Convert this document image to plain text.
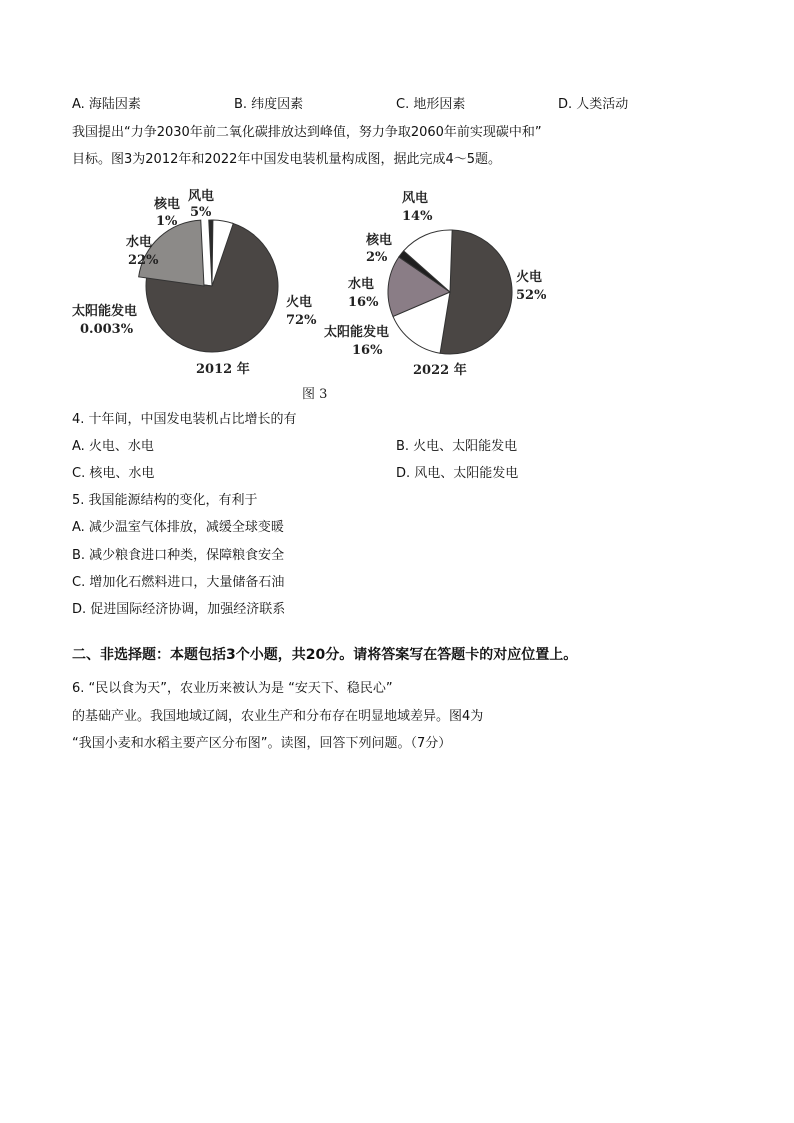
A. 海陆因素	B. 纬度因素	C. 地形因素	D. 人类活动
我国提出“力争2030年前二氧化碳排放达到峰值，努力争取2060年前实现碳中和”
目标。图3为2012年和2022年中国发电装机量构成图，据此完成4～5题。
风电
5%
核电
1%
水电
22%
太阳能发电
0.003%
火电
72%
2012 年
风电
14%
核电
2%
水电
16%
太阳能发电
16%
火电
52%
2022 年
图 3
4. 十年间，中国发电装机占比增长的有
A. 火电、水电	B. 火电、太阳能发电
C. 核电、水电	D. 风电、太阳能发电
5. 我国能源结构的变化，有利于
A. 减少温室气体排放，减缓全球变暖
B. 减少粮食进口种类，保障粮食安全
C. 增加化石燃料进口，大量储备石油
D. 促进国际经济协调，加强经济联系
二、非选择题：本题包括3个小题，共20分。请将答案写在答题卡的对应位置上。
6. “民以食为天”，农业历来被认为是 “安天下、稳民心”
的基础产业。我国地域辽阔，农业生产和分布存在明显地域差异。图4为
“我国小麦和水稻主要产区分布图”。读图，回答下列问题。（7分）
